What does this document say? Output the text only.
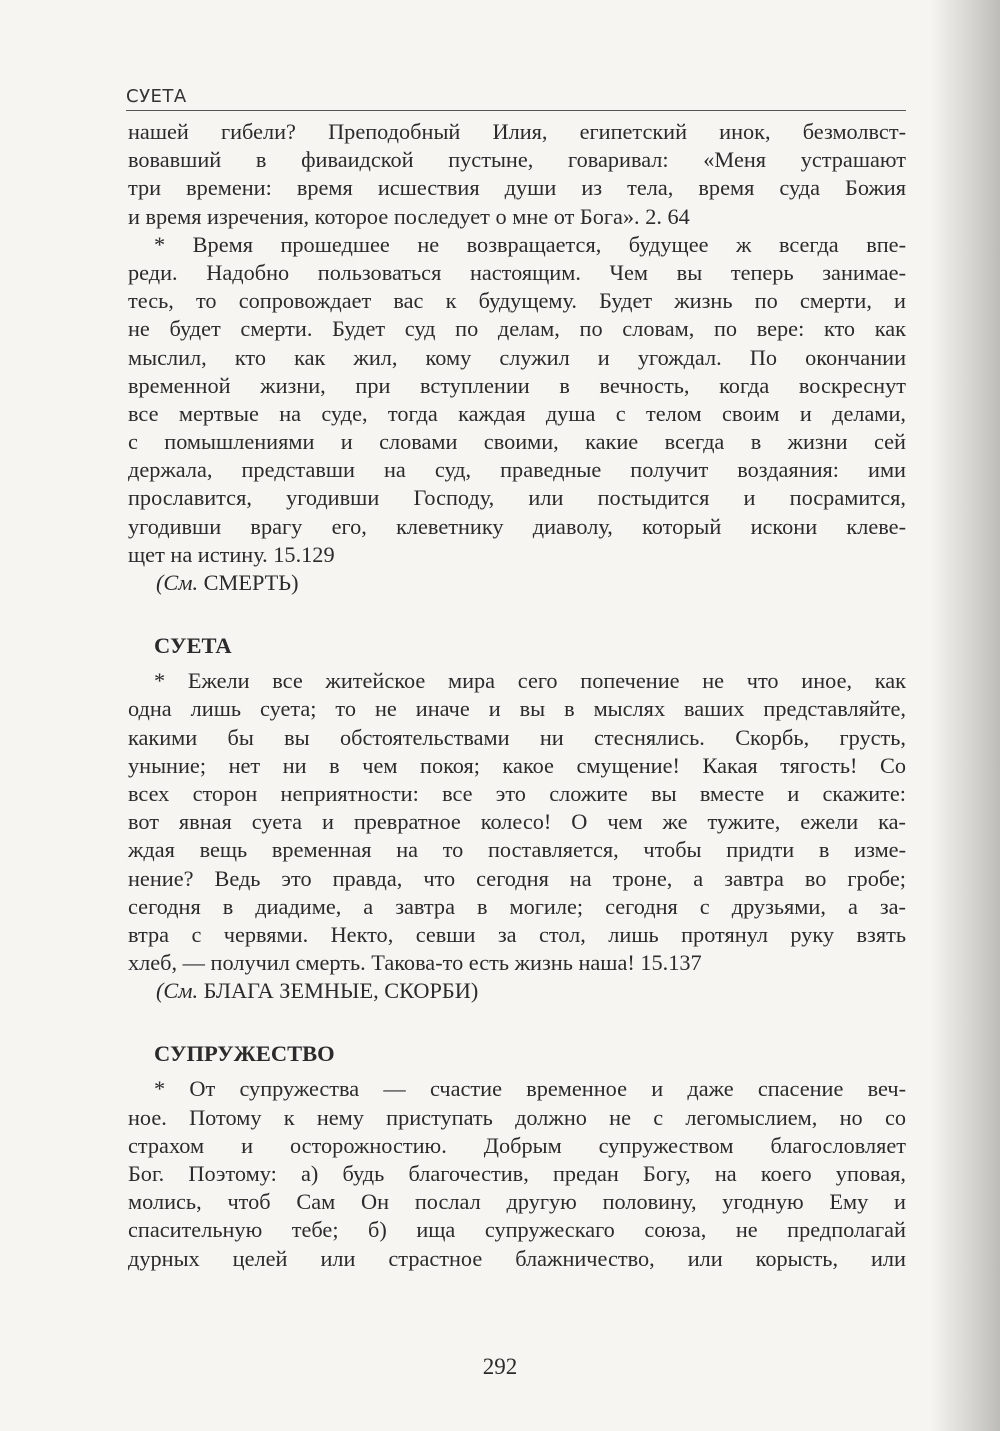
СУЕТА
нашей гибели? Преподобный Илия, египетский инок, безмолвст-
вовавший в фиваидской пустыне, говаривал: «Меня устрашают
три времени: время исшествия души из тела, время суда Божия
и время изречения, которое последует о мне от Бога». 2. 64
* Время прошедшее не возвращается, будущее ж всегда впе-
реди. Надобно пользоваться настоящим. Чем вы теперь занимае-
тесь, то сопровождает вас к будущему. Будет жизнь по смерти, и
не будет смерти. Будет суд по делам, по словам, по вере: кто как
мыслил, кто как жил, кому служил и угождал. По окончании
временной жизни, при вступлении в вечность, когда воскреснут
все мертвые на суде, тогда каждая душа с телом своим и делами,
с помышлениями и словами своими, какие всегда в жизни сей
держала, представши на суд, праведные получит воздаяния: ими
прославится, угодивши Господу, или постыдится и посрамится,
угодивши врагу его, клеветнику диаволу, который искони клеве-
щет на истину. 15.129
(См. СМЕРТЬ)
СУЕТА
* Ежели все житейское мира сего попечение не что иное, как
одна лишь суета; то не иначе и вы в мыслях ваших представляйте,
какими бы вы обстоятельствами ни стеснялись. Скорбь, грусть,
уныние; нет ни в чем покоя; какое смущение! Какая тягость! Со
всех сторон неприятности: все это сложите вы вместе и скажите:
вот явная суета и превратное колесо! О чем же тужите, ежели ка-
ждая вещь временная на то поставляется, чтобы придти в изме-
нение? Ведь это правда, что сегодня на троне, а завтра во гробе;
сегодня в диадиме, а завтра в могиле; сегодня с друзьями, а за-
втра с червями. Некто, севши за стол, лишь протянул руку взять
хлеб, — получил смерть. Такова-то есть жизнь наша! 15.137
(См. БЛАГА ЗЕМНЫЕ, СКОРБИ)
СУПРУЖЕСТВО
* От супружества — счастие временное и даже спасение веч-
ное. Потому к нему приступать должно не с легомыслием, но со
страхом и осторожностию. Добрым супружеством благословляет
Бог. Поэтому: а) будь благочестив, предан Богу, на коего уповая,
молись, чтоб Сам Он послал другую половину, угодную Ему и
спасительную тебе; б) ища супружескаго союза, не предполагай
дурных целей или страстное блажничество, или корысть, или
292
